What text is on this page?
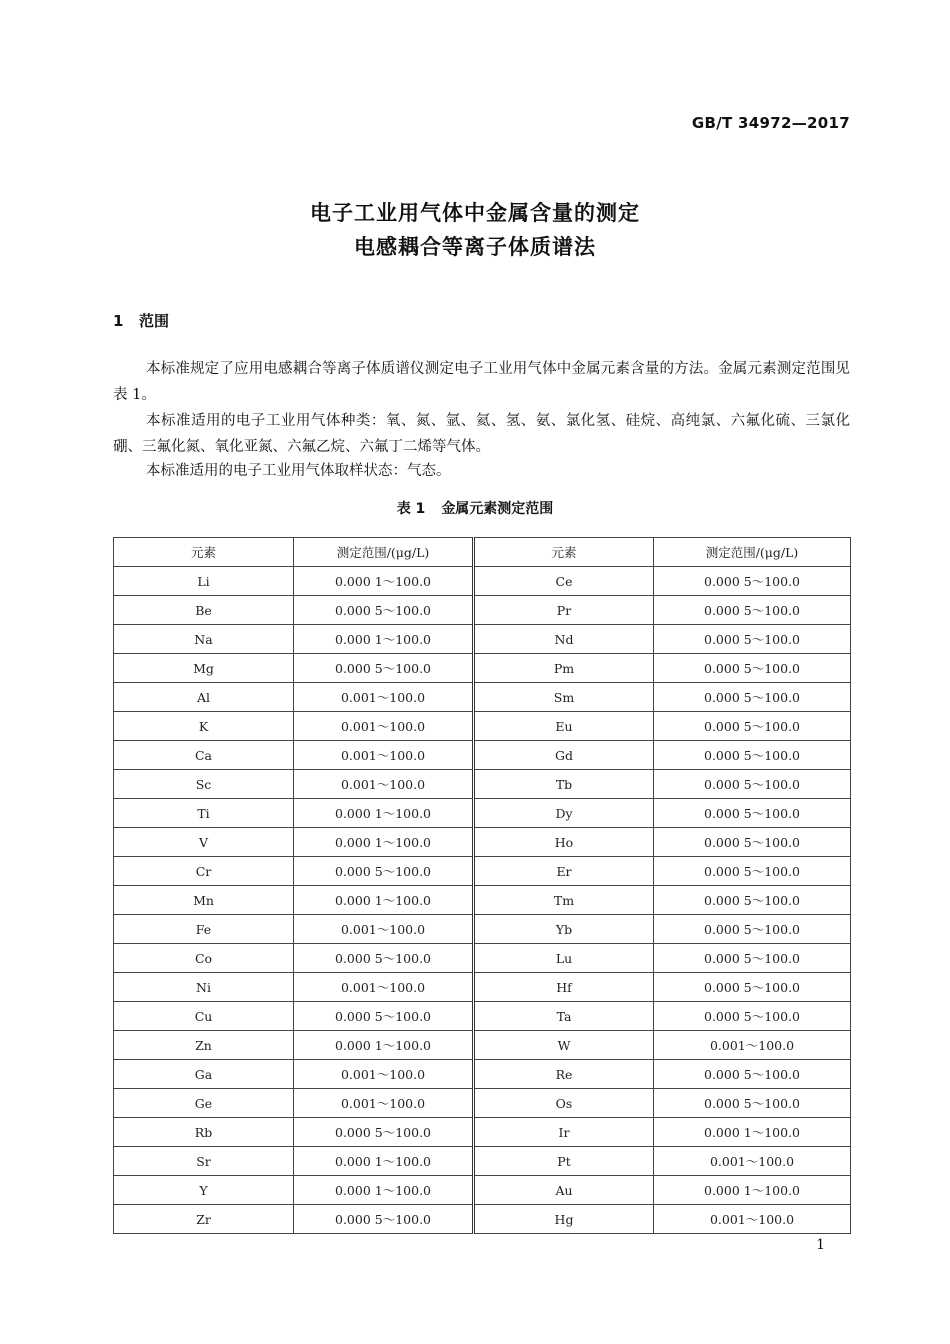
GB/T 34972—2017
电子工业用气体中金属含量的测定
电感耦合等离子体质谱法
1 范围

本标准规定了应用电感耦合等离子体质谱仪测定电子工业用气体中金属元素含量的方法。金属元素测定范围见表 1。

本标准适用的电子工业用气体种类：氧、氮、氩、氦、氢、氨、氯化氢、硅烷、高纯氯、六氟化硫、三氯化硼、三氟化氮、氧化亚氮、六氟乙烷、六氟丁二烯等气体。

本标准适用的电子工业用气体取样状态：气态。

表 1 金属元素测定范围
元素	测定范围/(μg/L)	元素	测定范围/(μg/L)
Li	0.000 1～100.0	Ce	0.000 5～100.0
Be	0.000 5～100.0	Pr	0.000 5～100.0
Na	0.000 1～100.0	Nd	0.000 5～100.0
Mg	0.000 5～100.0	Pm	0.000 5～100.0
Al	0.001～100.0	Sm	0.000 5～100.0
K	0.001～100.0	Eu	0.000 5～100.0
Ca	0.001～100.0	Gd	0.000 5～100.0
Sc	0.001～100.0	Tb	0.000 5～100.0
Ti	0.000 1～100.0	Dy	0.000 5～100.0
V	0.000 1～100.0	Ho	0.000 5～100.0
Cr	0.000 5～100.0	Er	0.000 5～100.0
Mn	0.000 1～100.0	Tm	0.000 5～100.0
Fe	0.001～100.0	Yb	0.000 5～100.0
Co	0.000 5～100.0	Lu	0.000 5～100.0
Ni	0.001～100.0	Hf	0.000 5～100.0
Cu	0.000 5～100.0	Ta	0.000 5～100.0
Zn	0.000 1～100.0	W	0.001～100.0
Ga	0.001～100.0	Re	0.000 5～100.0
Ge	0.001～100.0	Os	0.000 5～100.0
Rb	0.000 5～100.0	Ir	0.000 1～100.0
Sr	0.000 1～100.0	Pt	0.001～100.0
Y	0.000 1～100.0	Au	0.000 1～100.0
Zr	0.000 5～100.0	Hg	0.001～100.0
1
